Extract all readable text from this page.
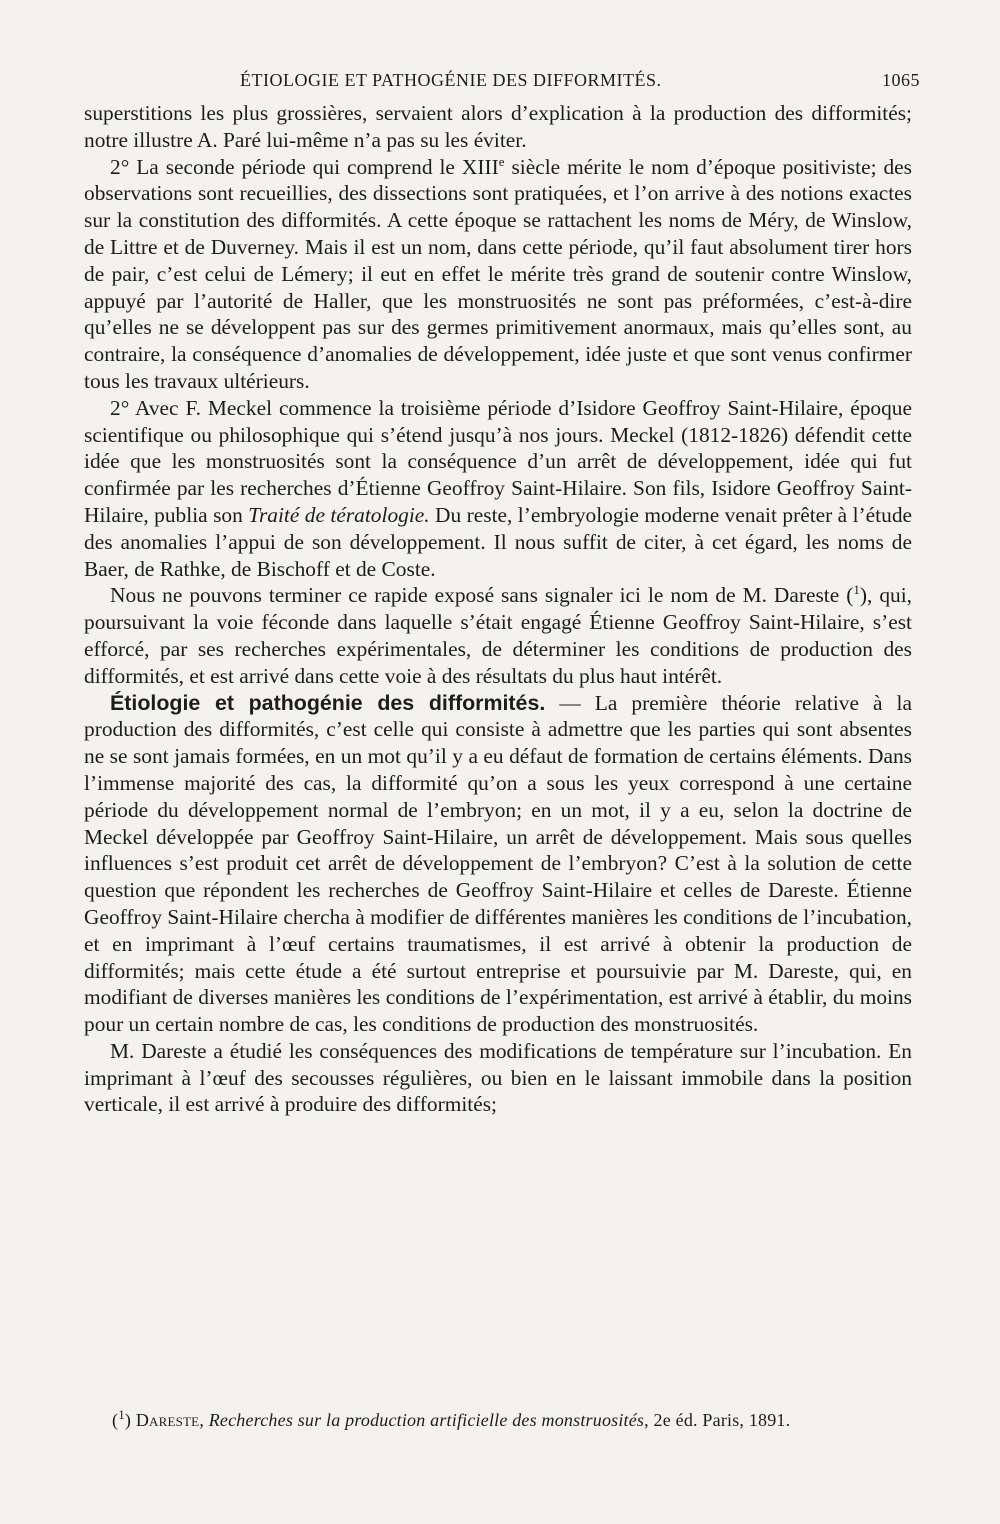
ÉTIOLOGIE ET PATHOGÉNIE DES DIFFORMITÉS.	1065

superstitions les plus grossières, servaient alors d’explication à la production des difformités; notre illustre A. Paré lui-même n’a pas su les éviter.

2° La seconde période qui comprend le XIIIe siècle mérite le nom d’époque positiviste; des observations sont recueillies, des dissections sont pratiquées, et l’on arrive à des notions exactes sur la constitution des difformités. A cette époque se rattachent les noms de Méry, de Winslow, de Littre et de Duverney. Mais il est un nom, dans cette période, qu’il faut absolument tirer hors de pair, c’est celui de Lémery; il eut en effet le mérite très grand de soutenir contre Winslow, appuyé par l’autorité de Haller, que les monstruosités ne sont pas préformées, c’est-à-dire qu’elles ne se développent pas sur des germes primitivement anormaux, mais qu’elles sont, au contraire, la conséquence d’anomalies de développement, idée juste et que sont venus confirmer tous les travaux ultérieurs.

2° Avec F. Meckel commence la troisième période d’Isidore Geoffroy Saint-Hilaire, époque scientifique ou philosophique qui s’étend jusqu’à nos jours. Meckel (1812-1826) défendit cette idée que les monstruosités sont la conséquence d’un arrêt de développement, idée qui fut confirmée par les recherches d’Étienne Geoffroy Saint-Hilaire. Son fils, Isidore Geoffroy Saint-Hilaire, publia son Traité de tératologie. Du reste, l’embryologie moderne venait prêter à l’étude des anomalies l’appui de son développement. Il nous suffit de citer, à cet égard, les noms de Baer, de Rathke, de Bischoff et de Coste.

Nous ne pouvons terminer ce rapide exposé sans signaler ici le nom de M. Dareste ($^1$), qui, poursuivant la voie féconde dans laquelle s’était engagé Étienne Geoffroy Saint-Hilaire, s’est efforcé, par ses recherches expérimentales, de déterminer les conditions de production des difformités, et est arrivé dans cette voie à des résultats du plus haut intérêt.

Étiologie et pathogénie des difformités. — La première théorie relative à la production des difformités, c’est celle qui consiste à admettre que les parties qui sont absentes ne se sont jamais formées, en un mot qu’il y a eu défaut de formation de certains éléments. Dans l’immense majorité des cas, la difformité qu’on a sous les yeux correspond à une certaine période du développement normal de l’embryon; en un mot, il y a eu, selon la doctrine de Meckel développée par Geoffroy Saint-Hilaire, un arrêt de développement. Mais sous quelles influences s’est produit cet arrêt de développement de l’embryon? C’est à la solution de cette question que répondent les recherches de Geoffroy Saint-Hilaire et celles de Dareste. Étienne Geoffroy Saint-Hilaire chercha à modifier de différentes manières les conditions de l’incubation, et en imprimant à l’œuf certains traumatismes, il est arrivé à obtenir la production de difformités; mais cette étude a été surtout entreprise et poursuivie par M. Dareste, qui, en modifiant de diverses manières les conditions de l’expérimentation, est arrivé à établir, du moins pour un certain nombre de cas, les conditions de production des monstruosités.

M. Dareste a étudié les conséquences des modifications de température sur l’incubation. En imprimant à l’œuf des secousses régulières, ou bien en le laissant immobile dans la position verticale, il est arrivé à produire des difformités;

($^1$) Dareste, Recherches sur la production artificielle des monstruosités, 2e éd. Paris, 1891.
